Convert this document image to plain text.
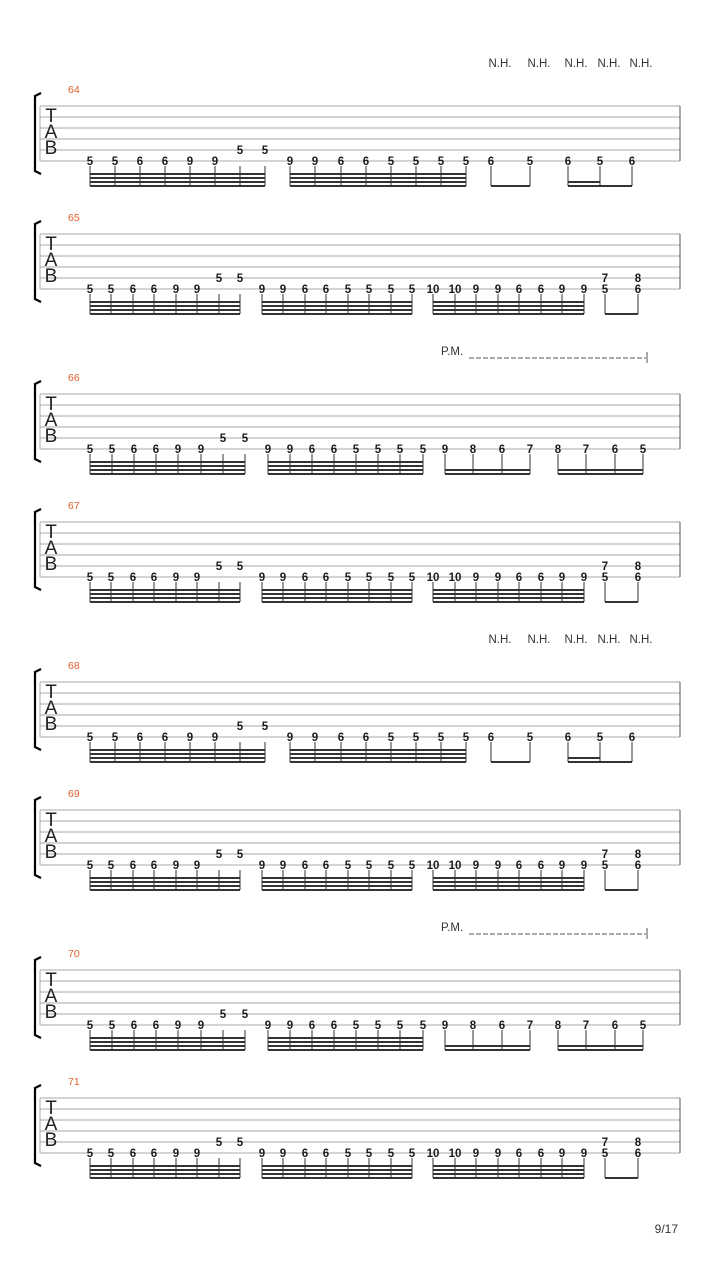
T
A
B
64
N.H. N.H. N.H. N.H. N.H.
5 5 6 6 9 9
5 5
9 9 6 6 5 5 5 5 6	5	6 5 6
T
A
B
65
5 5 6 6 9 9
5 5
9 9 6 6 5 5 5 5 10 10 9 9 6 6 9 9
7
5
8
6
T
A
B
66
P.M.
5 5 6 6 9 9
5 5
9 9 6 6 5 5 5 5 9 8 6 7 8 7 6 5
T
A
B
67
5 5 6 6 9 9
5 5
9 9 6 6 5 5 5 5 10 10 9 9 6 6 9 9
7
5
8
6
T
A
B
68
N.H. N.H. N.H. N.H. N.H.
5 5 6 6 9 9
5 5
9 9 6 6 5 5 5 5 6	5	6 5 6
T
A
B
69
5 5 6 6 9 9
5 5
9 9 6 6 5 5 5 5 10 10 9 9 6 6 9 9
7
5
8
6
T
A
B
70
P.M.
5 5 6 6 9 9
5 5
9 9 6 6 5 5 5 5 9 8 6 7 8 7 6 5
T
A
B
71
5 5 6 6 9 9
5 5
9 9 6 6 5 5 5 5 10 10 9 9 6 6 9 9
7
5
8
6
9/17
